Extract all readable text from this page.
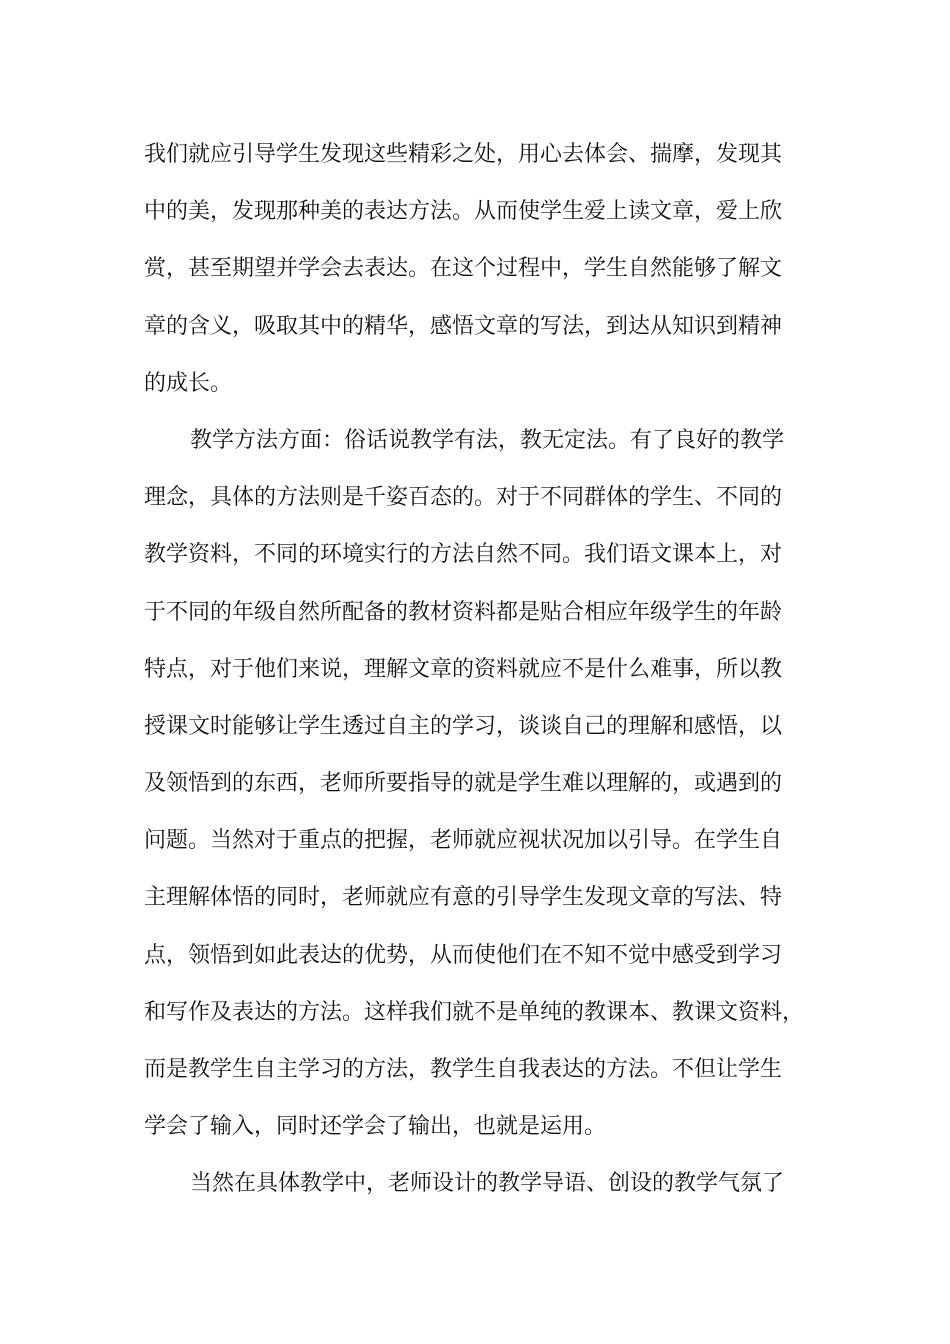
我们就应引导学生发现这些精彩之处，用心去体会、揣摩，发现其
中的美，发现那种美的表达方法。从而使学生爱上读文章，爱上欣
赏，甚至期望并学会去表达。在这个过程中，学生自然能够了解文
章的含义，吸取其中的精华，感悟文章的写法，到达从知识到精神
的成长。
教学方法方面：俗话说教学有法，教无定法。有了良好的教学
理念，具体的方法则是千姿百态的。对于不同群体的学生、不同的
教学资料，不同的环境实行的方法自然不同。我们语文课本上，对
于不同的年级自然所配备的教材资料都是贴合相应年级学生的年龄
特点，对于他们来说，理解文章的资料就应不是什么难事，所以教
授课文时能够让学生透过自主的学习，谈谈自己的理解和感悟，以
及领悟到的东西，老师所要指导的就是学生难以理解的，或遇到的
问题。当然对于重点的把握，老师就应视状况加以引导。在学生自
主理解体悟的同时，老师就应有意的引导学生发现文章的写法、特
点，领悟到如此表达的优势，从而使他们在不知不觉中感受到学习
和写作及表达的方法。这样我们就不是单纯的教课本、教课文资料，
而是教学生自主学习的方法，教学生自我表达的方法。不但让学生
学会了输入，同时还学会了输出，也就是运用。
当然在具体教学中，老师设计的教学导语、创设的教学气氛了
